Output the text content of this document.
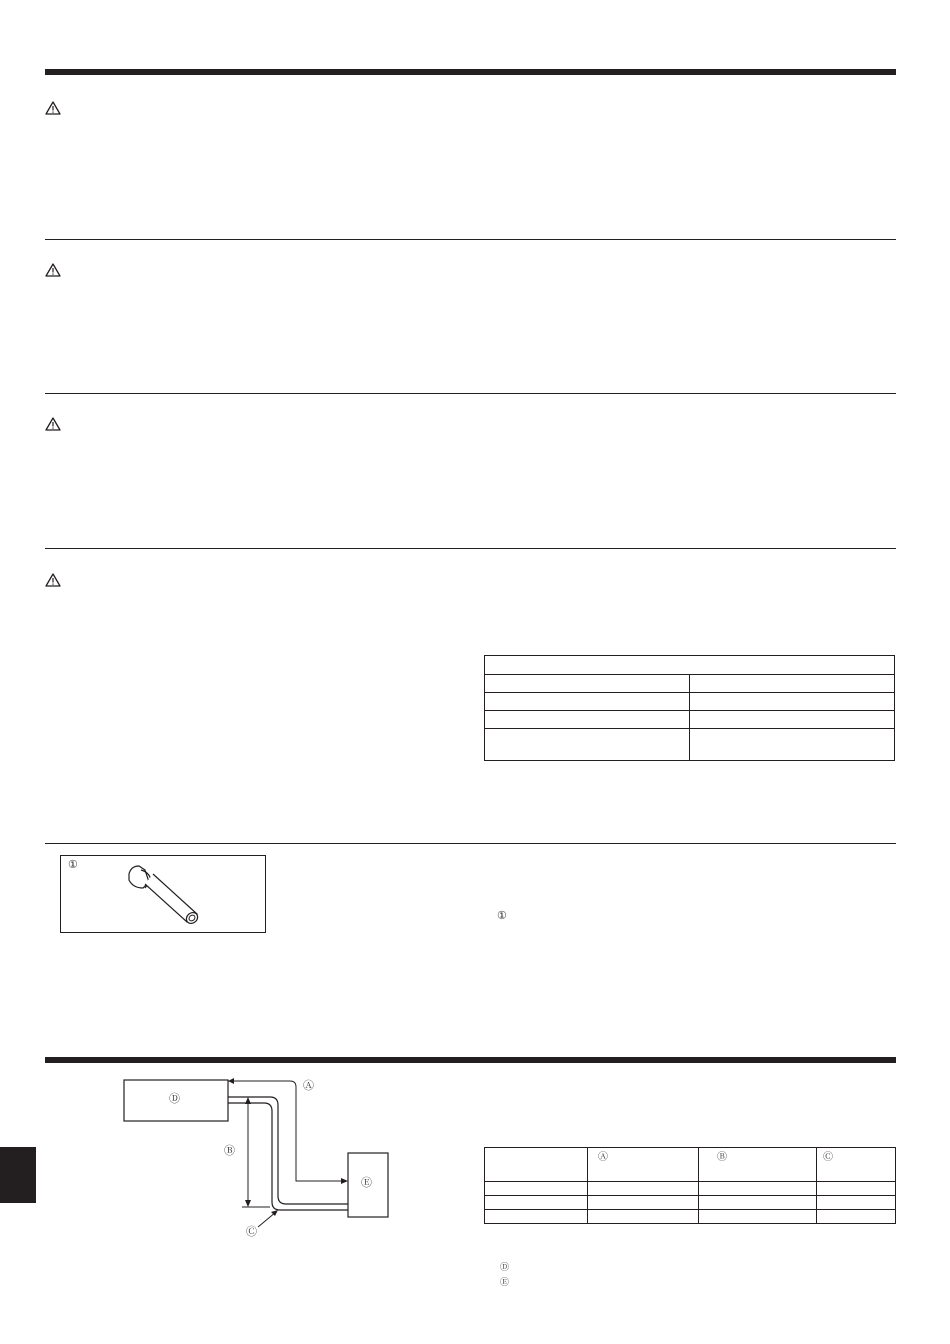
①
①
Ⓐ
Ⓑ
Ⓒ
Ⓓ
Ⓔ
	Ⓐ	Ⓑ	Ⓒ

Ⓓ
Ⓔ
